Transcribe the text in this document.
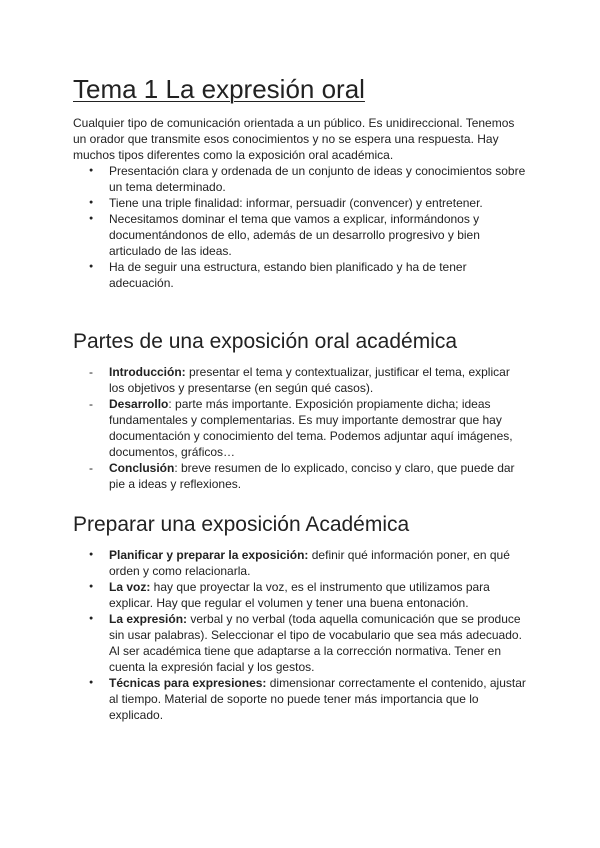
Tema 1 La expresión oral

Cualquier tipo de comunicación orientada a un público. Es unidireccional. Tenemos un orador que transmite esos conocimientos y no se espera una respuesta. Hay muchos tipos diferentes como la exposición oral académica.

● Presentación clara y ordenada de un conjunto de ideas y conocimientos sobre un tema determinado.
● Tiene una triple finalidad: informar, persuadir (convencer) y entretener.
● Necesitamos dominar el tema que vamos a explicar, informándonos y documentándonos de ello, además de un desarrollo progresivo y bien articulado de las ideas.
● Ha de seguir una estructura, estando bien planificado y ha de tener adecuación.
Partes de una exposición oral académica
- Introducción: presentar el tema y contextualizar, justificar el tema, explicar los objetivos y presentarse (en según qué casos).
- Desarrollo: parte más importante. Exposición propiamente dicha; ideas fundamentales y complementarias. Es muy importante demostrar que hay documentación y conocimiento del tema. Podemos adjuntar aquí imágenes, documentos, gráficos…
- Conclusión: breve resumen de lo explicado, conciso y claro, que puede dar pie a ideas y reflexiones.
Preparar una exposición Académica
● Planificar y preparar la exposición: definir qué información poner, en qué orden y como relacionarla.
● La voz: hay que proyectar la voz, es el instrumento que utilizamos para explicar. Hay que regular el volumen y tener una buena entonación.
● La expresión: verbal y no verbal (toda aquella comunicación que se produce sin usar palabras). Seleccionar el tipo de vocabulario que sea más adecuado. Al ser académica tiene que adaptarse a la corrección normativa. Tener en cuenta la expresión facial y los gestos.
● Técnicas para expresiones: dimensionar correctamente el contenido, ajustar al tiempo. Material de soporte no puede tener más importancia que lo explicado.
